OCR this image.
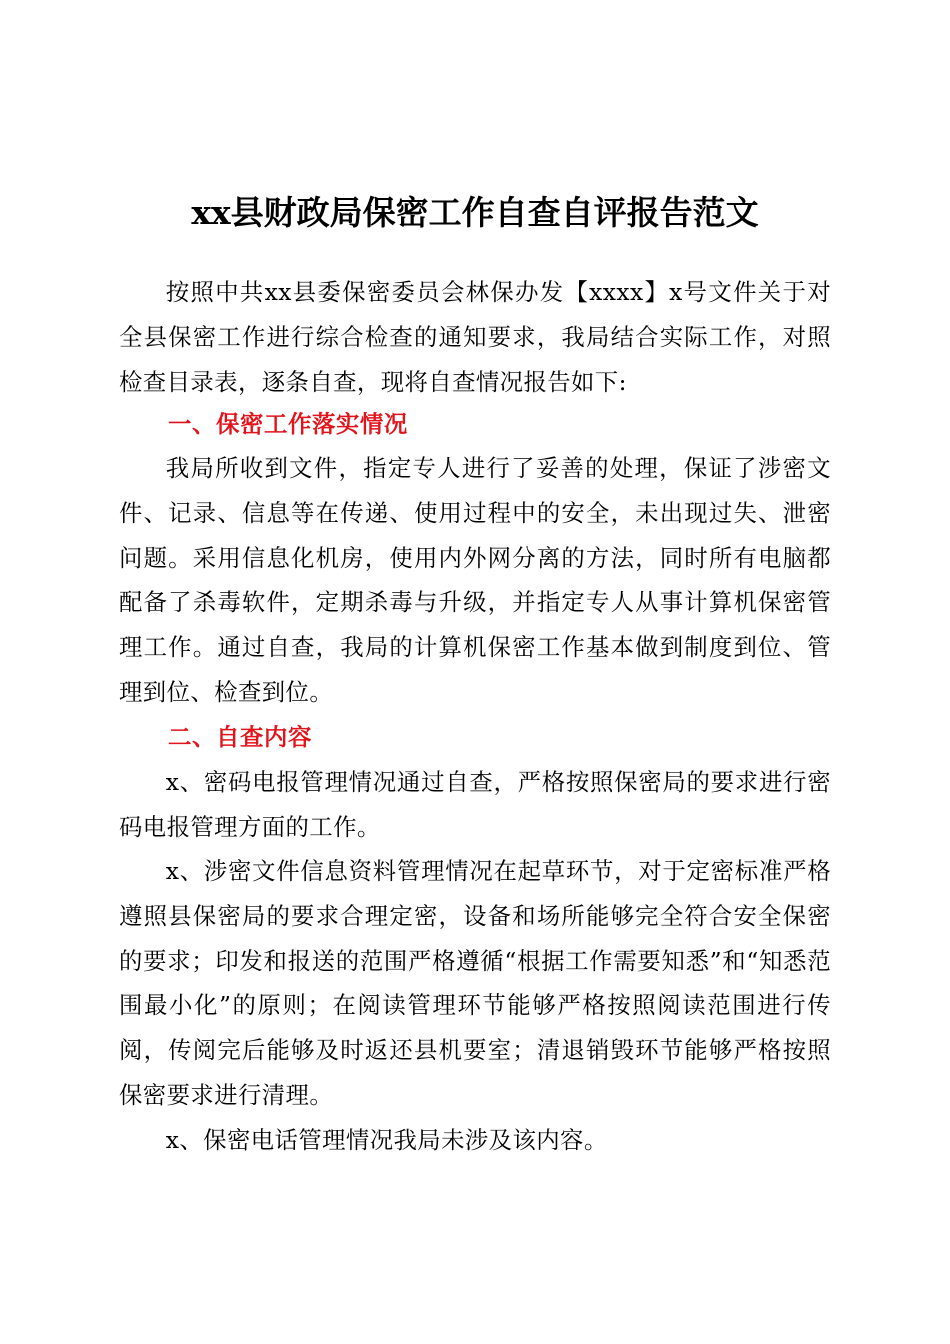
xx县财政局保密工作自查自评报告范文

按照中共xx县委保密委员会林保办发【xxxx】x号文件关于对全县保密工作进行综合检查的通知要求，我局结合实际工作，对照检查目录表，逐条自查，现将自查情况报告如下:

一、保密工作落实情况

我局所收到文件，指定专人进行了妥善的处理，保证了涉密文件、记录、信息等在传递、使用过程中的安全，未出现过失、泄密问题。采用信息化机房，使用内外网分离的方法，同时所有电脑都配备了杀毒软件，定期杀毒与升级，并指定专人从事计算机保密管理工作。通过自查，我局的计算机保密工作基本做到制度到位、管理到位、检查到位。

二、自查内容

x、密码电报管理情况通过自查，严格按照保密局的要求进行密码电报管理方面的工作。

x、涉密文件信息资料管理情况在起草环节，对于定密标准严格遵照县保密局的要求合理定密，设备和场所能够完全符合安全保密的要求；印发和报送的范围严格遵循“根据工作需要知悉”和“知悉范围最小化”的原则；在阅读管理环节能够严格按照阅读范围进行传阅，传阅完后能够及时返还县机要室；清退销毁环节能够严格按照保密要求进行清理。

x、保密电话管理情况我局未涉及该内容。
